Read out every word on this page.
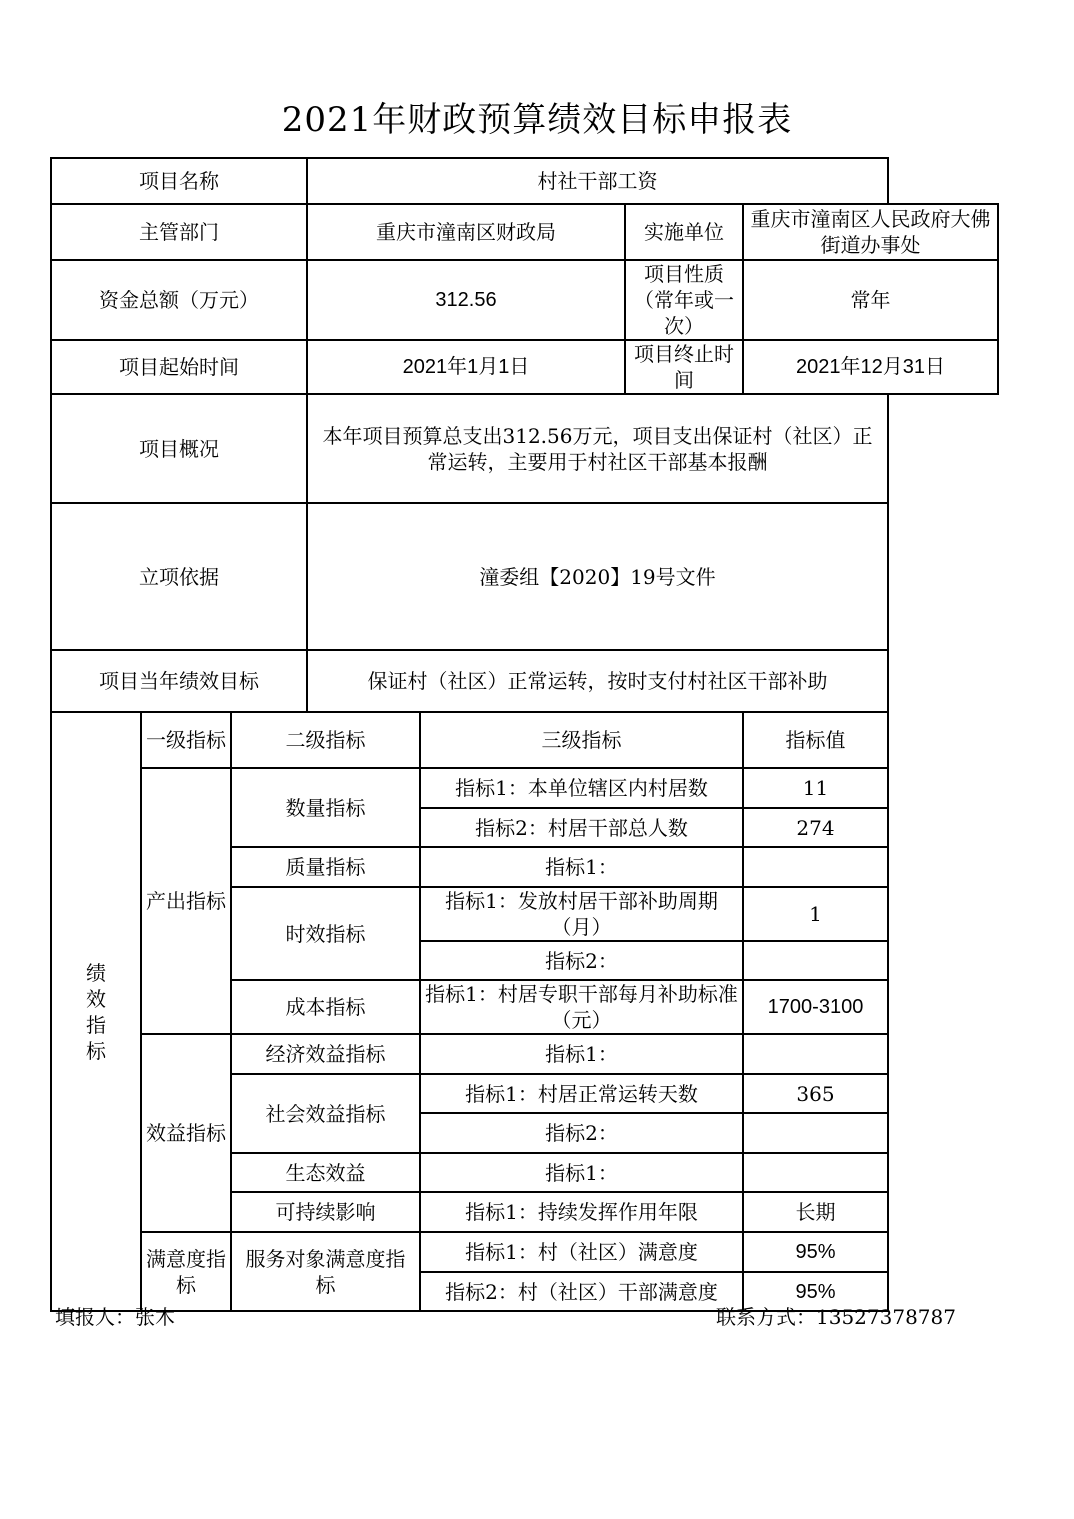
2021年财政预算绩效目标申报表
项目名称			村社干部工资			
主管部门			重庆市潼南区财政局		实施单位	重庆市潼南区人民政府大佛街道办事处
资金总额（万元）			312.56		项目性质（常年或一次）	常年
项目起始时间			2021年1月1日		项目终止时间	2021年12月31日
项目概况			本年项目预算总支出312.56万元，项目支出保证村（社区）正常运转，主要用于村社区干部基本报酬			
立项依据			潼委组【2020】19号文件			
项目当年绩效目标			保证村（社区）正常运转，按时支付村社区干部补助			
绩效指标	一级指标	二级指标		三级指标		指标值
	产出指标	数量指标		指标1：本单位辖区内村居数		11
				指标2：村居干部总人数		274
		质量指标		指标1：		
		时效指标		指标1：发放村居干部补助周期（月）		1
				指标2：		
		成本指标		指标1：村居专职干部每月补助标准（元）		1700-3100
	效益指标	经济效益指标		指标1：		
		社会效益指标		指标1：村居正常运转天数		365
				指标2：		
		生态效益		指标1：		
		可持续影响		指标1：持续发挥作用年限		长期
	满意度指标	服务对象满意度指标		指标1：村（社区）满意度		95%
				指标2：村（社区）干部满意度		95%
填报人：张木	联系方式：13527378787
